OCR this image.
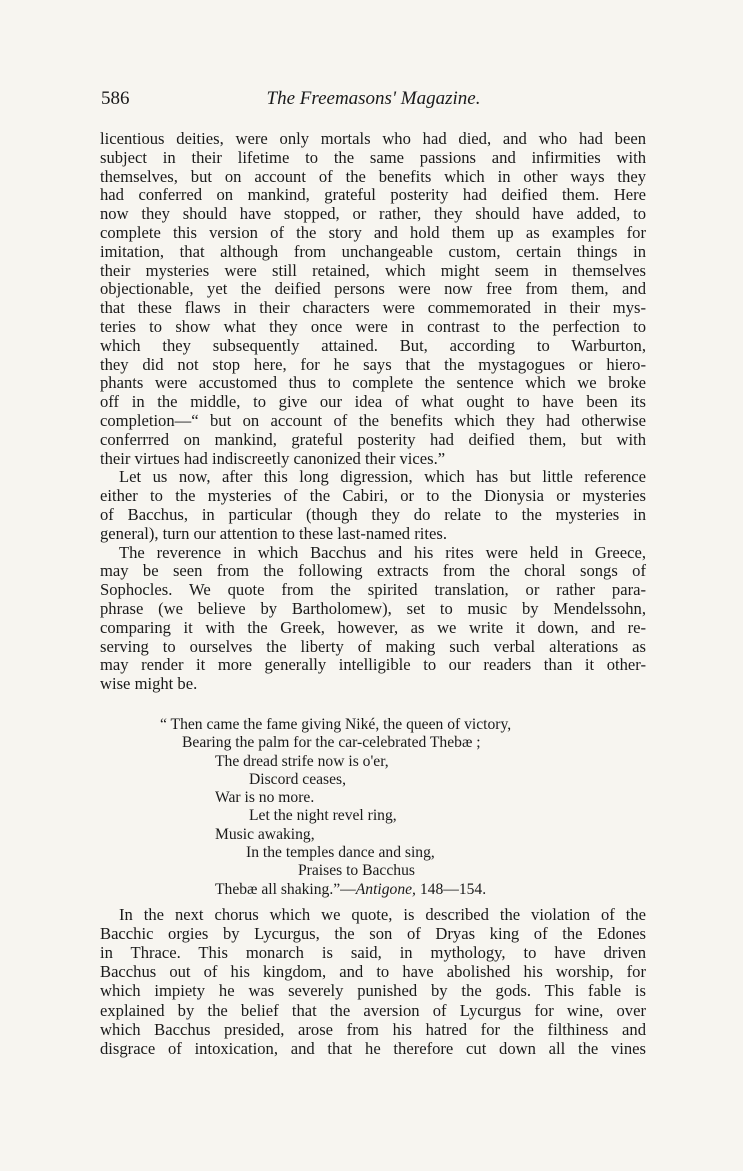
586	The Freemasons' Magazine.

licentious deities, were only mortals who had died, and who had been
subject in their lifetime to the same passions and infirmities with
themselves, but on account of the benefits which in other ways they
had conferred on mankind, grateful posterity had deified them. Here
now they should have stopped, or rather, they should have added, to
complete this version of the story and hold them up as examples for
imitation, that although from unchangeable custom, certain things in
their mysteries were still retained, which might seem in themselves
objectionable, yet the deified persons were now free from them, and
that these flaws in their characters were commemorated in their mys-
teries to show what they once were in contrast to the perfection to
which they subsequently attained. But, according to Warburton,
they did not stop here, for he says that the mystagogues or hiero-
phants were accustomed thus to complete the sentence which we broke
off in the middle, to give our idea of what ought to have been its
completion—“ but on account of the benefits which they had otherwise
conferrred on mankind, grateful posterity had deified them, but with
their virtues had indiscreetly canonized their vices.”

Let us now, after this long digression, which has but little reference
either to the mysteries of the Cabiri, or to the Dionysia or mysteries
of Bacchus, in particular (though they do relate to the mysteries in
general), turn our attention to these last-named rites.

The reverence in which Bacchus and his rites were held in Greece,
may be seen from the following extracts from the choral songs of
Sophocles. We quote from the spirited translation, or rather para-
phrase (we believe by Bartholomew), set to music by Mendelssohn,
comparing it with the Greek, however, as we write it down, and re-
serving to ourselves the liberty of making such verbal alterations as
may render it more generally intelligible to our readers than it other-
wise might be.

“ Then came the fame giving Niké, the queen of victory,
Bearing the palm for the car-celebrated Thebæ ;
The dread strife now is o'er,
Discord ceases,
War is no more.
Let the night revel ring,
Music awaking,
In the temples dance and sing,
Praises to Bacchus
Thebæ all shaking.”—Antigone, 148—154.

In the next chorus which we quote, is described the violation of the
Bacchic orgies by Lycurgus, the son of Dryas king of the Edones
in Thrace. This monarch is said, in mythology, to have driven
Bacchus out of his kingdom, and to have abolished his worship, for
which impiety he was severely punished by the gods. This fable is
explained by the belief that the aversion of Lycurgus for wine, over
which Bacchus presided, arose from his hatred for the filthiness and
disgrace of intoxication, and that he therefore cut down all the vines
